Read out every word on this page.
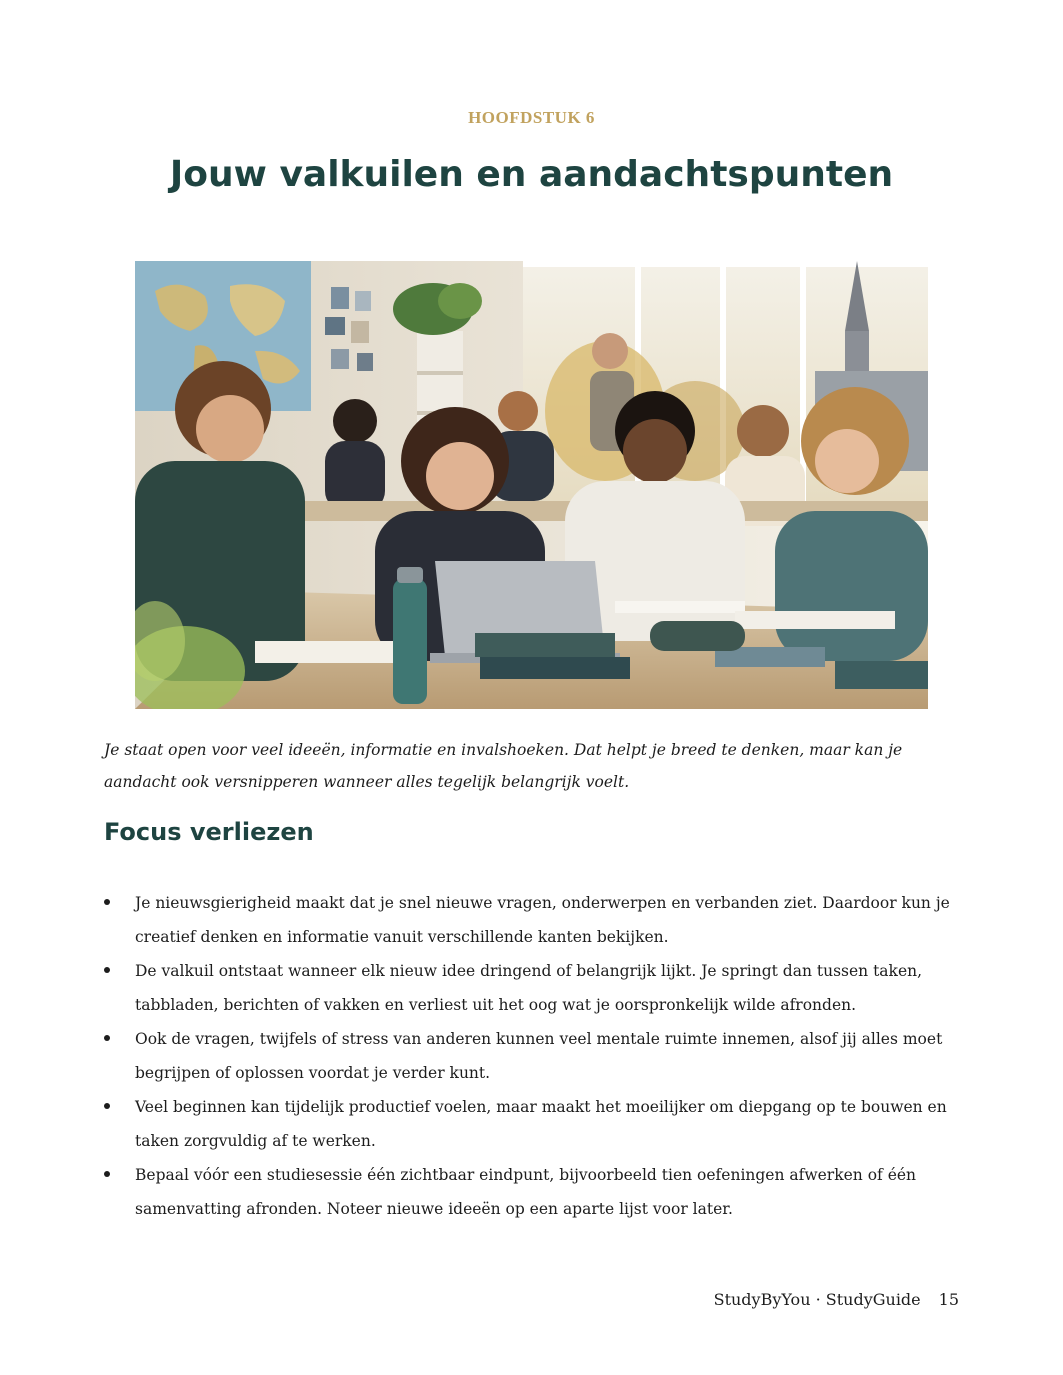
HOOFDSTUK 6
Jouw valkuilen en aandachtspunten

Je staat open voor veel ideeën, informatie en invalshoeken. Dat helpt je breed te denken, maar kan je aandacht ook versnipperen wanneer alles tegelijk belangrijk voelt.

Focus verliezen
Je nieuwsgierigheid maakt dat je snel nieuwe vragen, onderwerpen en verbanden ziet. Daardoor kun je creatief denken en informatie vanuit verschillende kanten bekijken.
De valkuil ontstaat wanneer elk nieuw idee dringend of belangrijk lijkt. Je springt dan tussen taken, tabbladen, berichten of vakken en verliest uit het oog wat je oorspronkelijk wilde afronden.
Ook de vragen, twijfels of stress van anderen kunnen veel mentale ruimte innemen, alsof jij alles moet begrijpen of oplossen voordat je verder kunt.
Veel beginnen kan tijdelijk productief voelen, maar maakt het moeilijker om diepgang op te bouwen en taken zorgvuldig af te werken.
Bepaal vóór een studiesessie één zichtbaar eindpunt, bijvoorbeeld tien oefeningen afwerken of één samenvatting afronden. Noteer nieuwe ideeën op een aparte lijst voor later.
StudyByYou · StudyGuide 15
